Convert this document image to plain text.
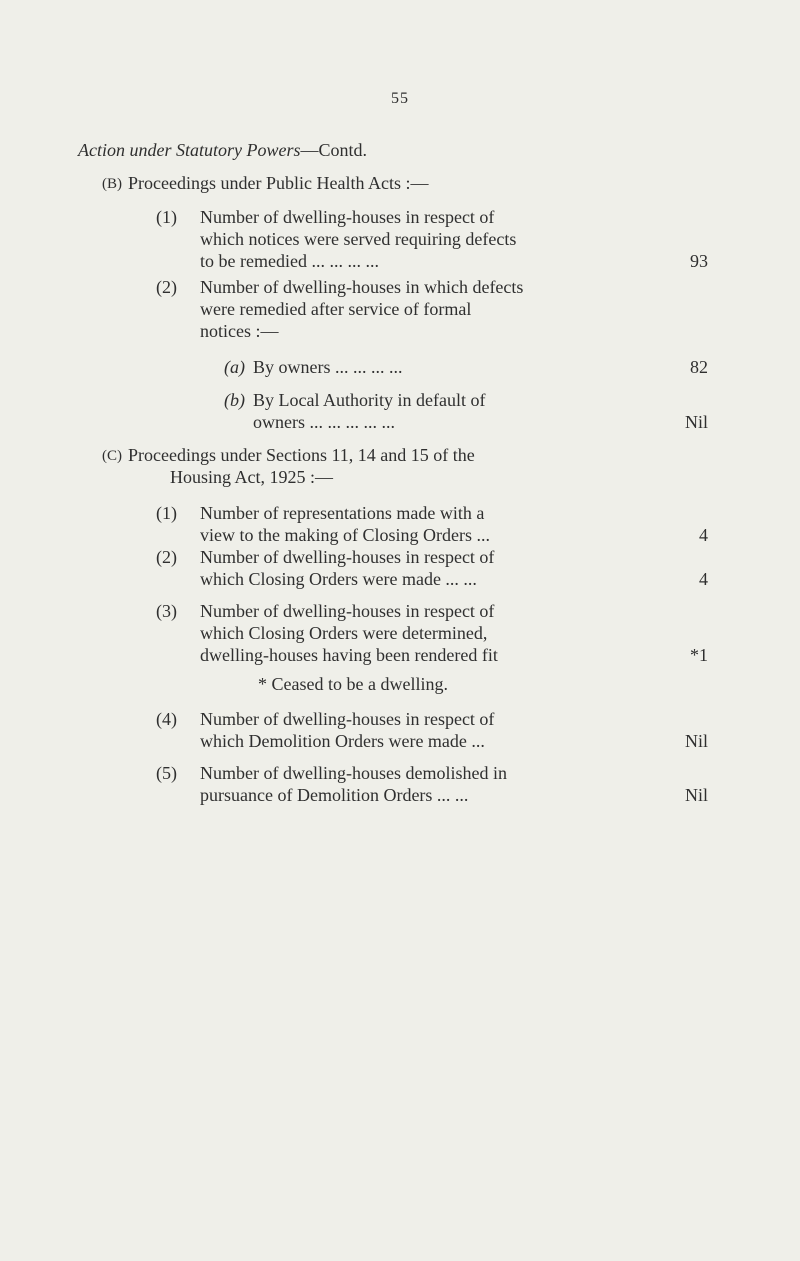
55
Action under Statutory Powers—Contd.
(B) Proceedings under Public Health Acts :—
(1) Number of dwelling-houses in respect of
which notices were served requiring defects
to be remedied ... ... ... ...	93
(2) Number of dwelling-houses in which defects
were remedied after service of formal
notices :—
(a) By owners ... ... ... ...	82
(b) By Local Authority in default of
owners ... ... ... ... ...	Nil
(C) Proceedings under Sections 11, 14 and 15 of the
Housing Act, 1925 :—
(1) Number of representations made with a
view to the making of Closing Orders ...	4
(2) Number of dwelling-houses in respect of
which Closing Orders were made ... ...	4
(3) Number of dwelling-houses in respect of
which Closing Orders were determined,
dwelling-houses having been rendered fit	*1
* Ceased to be a dwelling.
(4) Number of dwelling-houses in respect of
which Demolition Orders were made ...	Nil
(5) Number of dwelling-houses demolished in
pursuance of Demolition Orders ... ...	Nil
